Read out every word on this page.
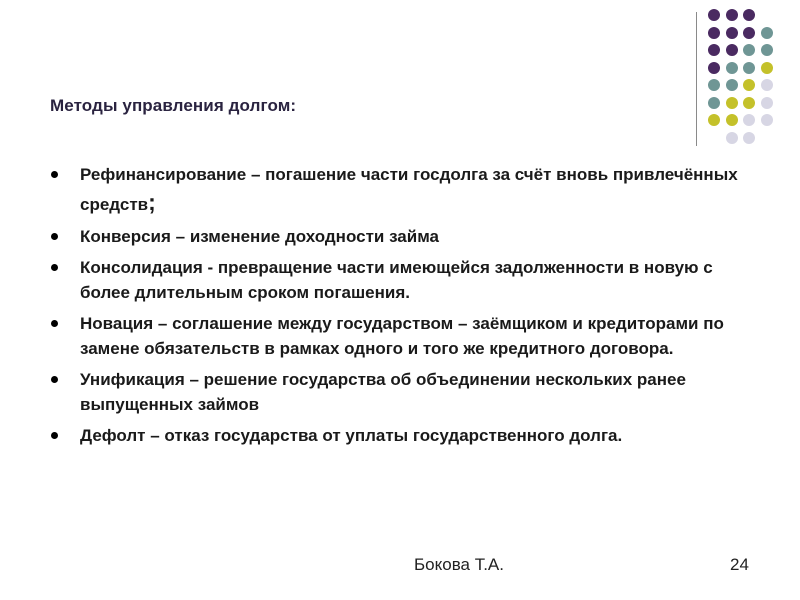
Методы управления долгом:
Рефинансирование – погашение части госдолга за счёт вновь привлечённых средств;
Конверсия – изменение доходности займа
Консолидация - превращение части имеющейся задолженности в новую с более длительным сроком погашения.
Новация – соглашение между государством – заёмщиком и кредиторами по замене обязательств в рамках одного и того же кредитного договора.
Унификация – решение государства об объединении нескольких ранее выпущенных займов
Дефолт – отказ государства от уплаты государственного долга.
Бокова Т.А.	24
